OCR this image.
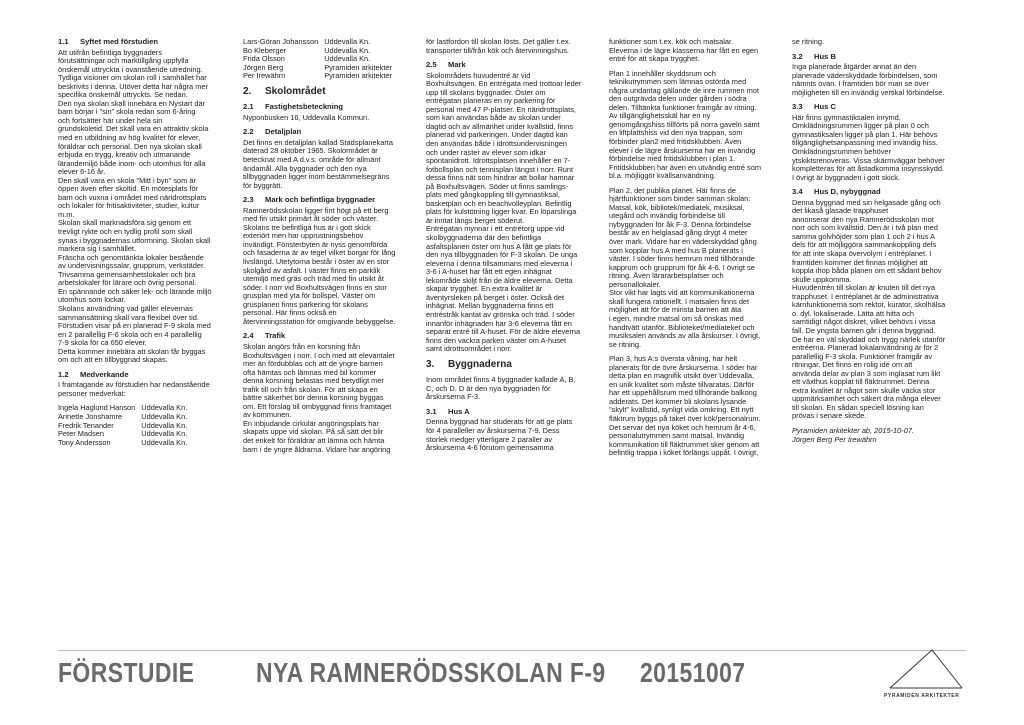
1.1 Syftet med förstudien

Att utifrån befintliga byggnaders
förutsättningar och marktillgång uppfylla
önskemål uttryckta i ovanstående utredning.
Tydliga visioner om skolan roll i samhället har
beskrivits i denna. Utöver detta har några mer
specifika önskemål uttryckts. Se nedan.
Den nya skolan skall innebära en Nystart där
barn börjar i "sin" skola redan som 6-åring
och fortsätter här under hela sin
grundskoletid. Det skall vara en attraktiv skola
med en utbildning av hög kvalitet för elever,
föräldrar och personal. Den nya skolan skall
erbjuda en trygg, kreativ och utmanande
lärandemiljö både inom- och utomhus för alla
elever 6-16 år.
Den skall vara en skola "Mitt i byn" som är
öppen även efter skoltid. En mötesplats för
barn och vuxna i området med näridrottsplats
och lokaler för fritisaktiviteter, studier, kultur
m.m.
Skolan skall marknadsföra sig genom ett
trevligt rykte och en tydlig profil som skall
synas i byggnadernas utformning. Skolan skall
markera sig i samhället.
Fräscha och genomtänkta lokaler bestående
av undervisningssalar, grupprum, verkstäder.
Trivsamma gemensamhetslokaler och bra
arbetslokaler för lärare och övrig personal.
En spännande och säker lek- och lärande miljö
utomhus som lockar.
Skolans användning vad gäller elevernas
sammansättning skall vara flexibel över tid.
Förstudien visar på en planerad F-9 skola med
en 2 parallellig F-6 skola och en 4 parallellig
7-9 skola för ca 650 elever.
Detta kommer innebära att skolan får byggas
om och att en tillbyggnad skapas.

1.2 Medverkande

I framtagande av förstudien har nedanstående
personer medverkat:

Ingela Haglund Hanson	Uddevalla Kn.
Arinette Jonshamre	Uddevalla Kn.
Fredrik Tenander	Uddevalla Kn.
Peter Madsen	Uddevalla Kn.
Tony Andersson	Uddevalla Kn.
Lars-Göran Johansson	Uddevalla Kn.
Bo Kleberger	Uddevalla Kn.
Frida Olsson	Uddevalla Kn.
Jörgen Berg	Pyramiden arkitekter
Per Irewährn	Pyramiden arkitekter
2. Skolområdet
2.1 Fastighetsbeteckning

Nyponbusken 16, Uddevalla Kommun.

2.2 Detaljplan

Det finns en detaljplan kallad Stadsplanekarta
daterad 28 oktober 1965. Skolområdet är
betecknat med A d.v.s. område för allmänt
ändamål. Alla byggnader och den nya
tillbyggnaden ligger inom bestämmelsegräns
för byggrätt.

2.3 Mark och befintliga byggnader

Ramnerödsskolan ligger fint högt på ett berg
med fin utsikt primärt åt söder och väster.
Skolans tre befintliga hus är i gott skick
exteriört men har upprustningsbehov
invändigt. Fönsterbyten är nyss genomförda
och fasaderna är av tegel vilket borgar för lång
livslängd. Utetytorna består i öster av en stor
skolgård av asfalt. I väster finns en parklik
utemiljö med gräs och träd med fin utsikt åt
söder. I norr vid Boxhultsvägen finns en stor
grusplan med yta för bollspel. Väster om
grusplanen finns parkering för skolans
personal. Här finns också en
återvinningsstation för omgivande bebyggelse.

2.4 Trafik

Skolan angörs från en korsning från
Boxhultsvägen i norr. I och med att elevantalet
mer än fördubblas och att de yngre barnen
ofta hämtas och lämnas med bil kommer
denna korsning belastas med betydligt mer
trafik till och från skolan. För att skapa en
bättre säkerhet bör denna korsning byggas
om. Ett förslag till ombyggnad finns framtaget
av kommunen.
En inbjudande cirkulär angöringsplats har
skapats uppe vid skolan. På så sätt det blir
det enkelt för föräldrar att lämna och hämta
barn i de yngre åldrarna. Vidare har angöring

för lastfordon till skolan lösts. Det gäller t.ex.
transporter till/från kök och återvinningshus.

2.5 Mark

Skolområdets huvudentré är vid
Boxhultsvägen. En entrégata med trottoar leder
upp till skolans byggnader. Öster om
entrégatan planeras en ny parkering för
personal med 47 P-platser. En näridrottsplats,
som kan användas både av skolan under
dagtid och av allmänhet under kvällstid, finns
planerad vid parkeringen. Under dagtid kan
den användas både i idrottsundervisningen
och under raster av elever som idkar
spontanidrott. Idrottsplatsen innehåller en 7-
fotbollsplan och tennisplan längst i norr. Runt
dessa finns nät som hindrar att bollar hamnar
på Boxhultsvägen. Söder ut finns samlings-
plats med gångkoppling till gymnastiksal,
basketplan och en beachvolleyplan. Befintlig
plats för kulstötning ligger kvar. En löparslinga
är inritat längs berget söderut.
Entrégatan mynnar i ett entrétorg uppe vid
skolbyggnaderna där den befintliga
asfaltsplanen öster om hus A fått ge plats för
den nya tillbyggnaden för F-3 skolan. De unga
eleverna i denna tillsammans med eleverna i
3-6 i A-huset har fått ett egen inhägnat
lekområde skiljt från de äldre eleverna. Detta
skapar trygghet. En extra kvalitet är
äventyrsleken på berget i öster. Också det
inhägnat. Mellan byggnaderna finns ett
entréstråk kantat av grönska och träd. I söder
innanför inhägnaden har 3-6 eleverna fått en
separat entré till A-huset. För de äldre eleverna
finns den vackra parken väster om A-huset
samt idrottsområdet i norr.

3. Byggnaderna

Inom området finns 4 byggnader kallade A, B,
C, och D. D är den nya byggnaden för
årskurserna F-3.

3.1 Hus A

Denna byggnad har studerats för att ge plats
för 4 paralleller av årskurserna 7-9. Dess
storlek medger ytterligare 2 paraller av
årskurserna 4-6 förutom gemensamma

funktioner som t.ex. kök och matsalar.
Eleverna i de lägre klasserna har fått en egen
entré för att skapa trygghet.

Plan 1 innehåller skyddsrum och
teknikutrymmen som lämnas ostörda med
några undantag gällande de inre rummen mot
den outgrävda delen under gården i södra
delen. Tilltänkta funktioner framgår av ritning.
Av tillgänglighetsskäl har en ny
genomgångshiss tillförts på norra gaveln samt
en liftplattshiss vid den nya trappan, som
förbinder plan2 med fritidsklubben. Även
elever i de lägre årskurserna har en invändig
förbindelse med fritidsklubben i plan 1.
Fritidsklubben har även en utvändig entré som
bl.a. möjliggör kvällsanvändning.

Plan 2, det publika planet. Här finns de
hjärtfunktioner som binder samman skolan:
Matsal, kök, bibliotek/mediatek, musiksal,
utegård och invändig förbindelse till
nybyggnaden för åk F-3. Denna förbindelse
består av en helglasad gång drygt 4 meter
över mark. Vidare har en väderskyddad gång
som kopplar hus A med hus B planerats i
väster. I söder finns hemrum med tillhörande
kapprum och grupprum för åk 4-6. I övrigt se
ritning. Även lärararbetsplatser och
personallokaler.
Stor vikt har lagts vid att kommunikationerna
skall fungera rationellt. I matsalen finns det
möjlighet att för de minsta barnen att äta
i egen, mindre matsal om så önskas med
handtvätt utanför. Biblioteket/mediateket och
musiksalen används av alla årskurser. I övrigt,
se ritning.

Plan 3, hus A:s översta våning, har helt
planerats för de övre årskurserna. I söder har
detta plan en magnifik utsikt över Uddevalla,
en unik kvalitet som måste tillvaratas. Därför
har ett uppehållsrum med tillhörande balkong
adderats. Det kommer bli skolans lysande
"skylt" kvällstid, synligt vida omkring. Ett nytt
fläktrum byggs på taket över kök/personalrum.
Det servar det nya köket och hemrum år 4-6,
personalutrymmen samt matsal. Invändig
kommunikation till fläktrummet sker genom att
befintlig trappa i köket förlängs uppåt. I övrigt,

se ritning.

3.2 Hus B

Inga planerade åtgärder annat än den
planerade väderskyddade förbindelsen, som
nämnts ovan. I framtiden bör man se över
möjligheten till en invändig vertikal förbindelse.

3.3 Hus C

Här finns gymnastiksalen inrymd.
Omklädningsrummen ligger på plan 0 och
gymnastiksalen ligger på plan 1. Här behövs
tillgänglighetsanpassning med invändig hiss.
Omklädningsrummen behöver
ytskiktsrenoveras. Vissa skärmväggar behöver
kompletteras för att åstadkomma insynsskydd.
I övrigt är byggnaden i gott skick.

3.4 Hus D, nybyggnad

Denna byggnad med sin helgasade gång och
det likaså glasade trapphuset
annonserar den nya Ramnerödsskolan mot
norr och som kvällstid. Den är i två plan med
samma golvhöjder som plan 1 och 2 i hus A
dels för att möjliggöra sammankoppling dels
för att inte skapa övervolym i entréplanet. I
framtiden kommer det finnas möjlighet att
koppla ihop båda planen om ett sådant behov
skulle uppkomma.
Huvudentrén till skolan är knuten till det nya
trapphuset. I entréplanet är de administrativa
kärnfunktionerna som rektor, kurator, skolhälsa
o. dyl. lokaliserade. Lätta att hitta och
samtidigt något diskret, vilket behövs i vissa
fall. De yngsta barnen går i denna byggnad.
De har en väl skyddad och trygg närlek utanför
entréerna. Planerad lokalanvändning är för 2
parallellig F-3 skola. Funktioner framgår av
ritningar. Det finns en rolig idé om att
använda delar av plan 3 som inglasat rum likt
ett växthus kopplat till fläktrummet. Denna
extra kvalitet är något som skulle väcka stor
uppmärksamhet och säkert dra många elever
till skolan. En sådan speciell lösning kan
prövas i senare skede.

Pyramiden arkitekter ab, 2015-10-07.

Jörgen Berg Per Irewährn

FÖRSTUDIE NYA RAMNERÖDSSKOLAN F-9 20151007
PYRAMIDEN ARKITEKTER
